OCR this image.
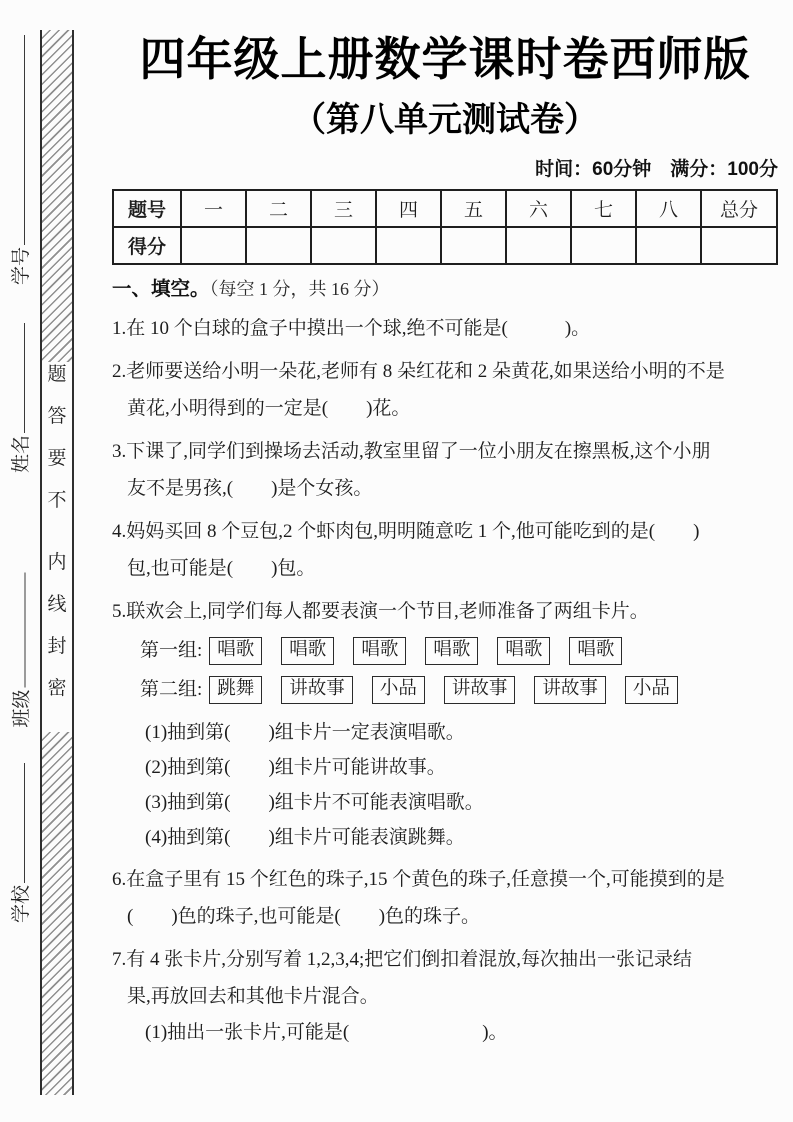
题
答
要
不
内
线
封
密
学号
姓名
班级
学校
四年级上册数学课时卷西师版
（第八单元测试卷）
时间：60分钟　满分：100分
题号	一	二	三	四	五	六	七	八	总分
得分									
一、填空。（每空 1 分，共 16 分）
1.在 10 个白球的盒子中摸出一个球,绝不可能是(　　　)。
2.老师要送给小明一朵花,老师有 8 朵红花和 2 朵黄花,如果送给小明的不是
黄花,小明得到的一定是(　　)花。
3.下课了,同学们到操场去活动,教室里留了一位小朋友在擦黑板,这个小朋
友不是男孩,(　　)是个女孩。
4.妈妈买回 8 个豆包,2 个虾肉包,明明随意吃 1 个,他可能吃到的是(　　)
包,也可能是(　　)包。
5.联欢会上,同学们每人都要表演一个节目,老师准备了两组卡片。
第一组: 唱歌	唱歌	唱歌	唱歌	唱歌	唱歌
第二组: 跳舞	讲故事	小品	讲故事	讲故事	小品
(1)抽到第(　　)组卡片一定表演唱歌。
(2)抽到第(　　)组卡片可能讲故事。
(3)抽到第(　　)组卡片不可能表演唱歌。
(4)抽到第(　　)组卡片可能表演跳舞。
6.在盒子里有 15 个红色的珠子,15 个黄色的珠子,任意摸一个,可能摸到的是
(　　)色的珠子,也可能是(　　)色的珠子。
7.有 4 张卡片,分别写着 1,2,3,4;把它们倒扣着混放,每次抽出一张记录结
果,再放回去和其他卡片混合。
(1)抽出一张卡片,可能是(　　　　　　　)。
